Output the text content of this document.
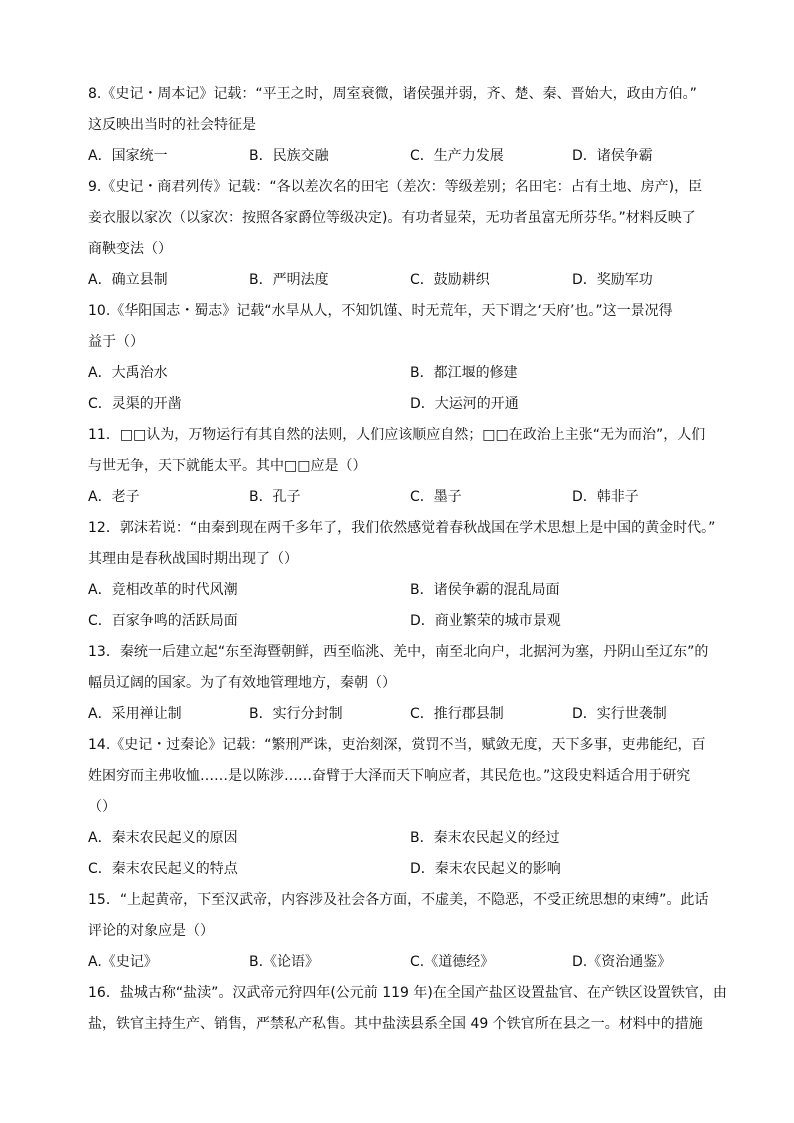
8.《史记・周本记》记载：“平王之时，周室衰微，诸侯强并弱，齐、楚、秦、晋始大，政由方伯。”
这反映出当时的社会特征是
A．国家统一	B．民族交融	C．生产力发展	D．诸侯争霸
9.《史记・商君列传》记载：“各以差次名的田宅（差次：等级差别；名田宅：占有土地、房产)，臣
妾衣服以家次（以家次：按照各家爵位等级决定)。有功者显荣，无功者虽富无所芬华。”材料反映了
商鞅变法（）
A．确立县制	B．严明法度	C．鼓励耕织	D．奖励军功
10.《华阳国志・蜀志》记载“水旱从人，不知饥馑、时无荒年，天下谓之‘天府’也。”这一景况得
益于（）
A．大禹治水	B．都江堰的修建
C．灵渠的开凿	D．大运河的开通
11．□□认为，万物运行有其自然的法则，人们应该顺应自然；□□在政治上主张“无为而治”，人们
与世无争，天下就能太平。其中□□应是（）
A．老子	B．孔子	C．墨子	D．韩非子
12．郭沫若说：“由秦到现在两千多年了，我们依然感觉着春秋战国在学术思想上是中国的黄金时代。”
其理由是春秋战国时期出现了（）
A．竞相改革的时代风潮	B．诸侯争霸的混乱局面
C．百家争鸣的活跃局面	D．商业繁荣的城市景观
13．秦统一后建立起“东至海暨朝鲜，西至临洮、羌中，南至北向户，北据河为塞，丹阴山至辽东”的
幅员辽阔的国家。为了有效地管理地方，秦朝（）
A．采用禅让制	B．实行分封制	C．推行郡县制	D．实行世袭制
14.《史记・过秦论》记载：“繁刑严诛，吏治刻深，赏罚不当，赋敛无度，天下多事，吏弗能纪，百
姓困穷而主弗收恤……是以陈涉……奋臂于大泽而天下响应者，其民危也。”这段史料适合用于研究
（）
A．秦末农民起义的原因	B．秦末农民起义的经过
C．秦末农民起义的特点	D．秦末农民起义的影响
15．“上起黄帝，下至汉武帝，内容涉及社会各方面，不虚美，不隐恶，不受正统思想的束缚”。此话
评论的对象应是（）
A.《史记》	B.《论语》	C.《道德经》	D.《资治通鉴》
16．盐城古称“盐渎”。汉武帝元狩四年(公元前 119 年)在全国产盐区设置盐官、在产铁区设置铁官，由
盐，铁官主持生产、销售，严禁私产私售。其中盐渎县系全国 49 个铁官所在县之一。材料中的措施
